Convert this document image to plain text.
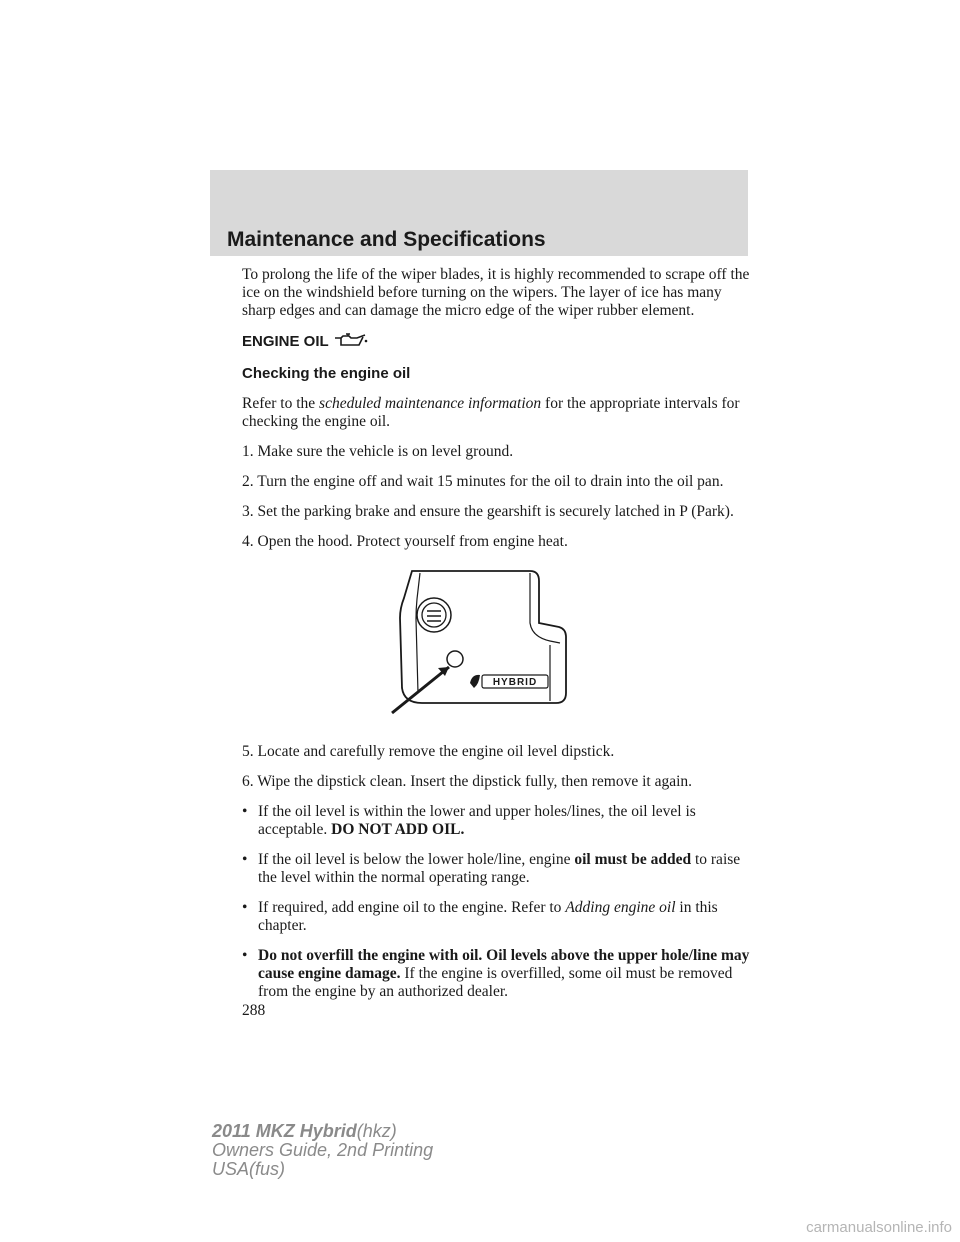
Maintenance and Specifications

To prolong the life of the wiper blades, it is highly recommended to scrape off the ice on the windshield before turning on the wipers. The layer of ice has many sharp edges and can damage the micro edge of the wiper rubber element.

ENGINE OIL
Checking the engine oil

Refer to the scheduled maintenance information for the appropriate intervals for checking the engine oil.

1. Make sure the vehicle is on level ground.

2. Turn the engine off and wait 15 minutes for the oil to drain into the oil pan.

3. Set the parking brake and ensure the gearshift is securely latched in P (Park).

4. Open the hood. Protect yourself from engine heat.

HYBRID

5. Locate and carefully remove the engine oil level dipstick.

6. Wipe the dipstick clean. Insert the dipstick fully, then remove it again.

• If the oil level is within the lower and upper holes/lines, the oil level is acceptable. DO NOT ADD OIL.
• If the oil level is below the lower hole/line, engine oil must be added to raise the level within the normal operating range.
• If required, add engine oil to the engine. Refer to Adding engine oil in this chapter.
• Do not overfill the engine with oil. Oil levels above the upper hole/line may cause engine damage. If the engine is overfilled, some oil must be removed from the engine by an authorized dealer.
288
2011 MKZ Hybrid(hkz)
Owners Guide, 2nd Printing
USA(fus)
carmanualsonline.info
